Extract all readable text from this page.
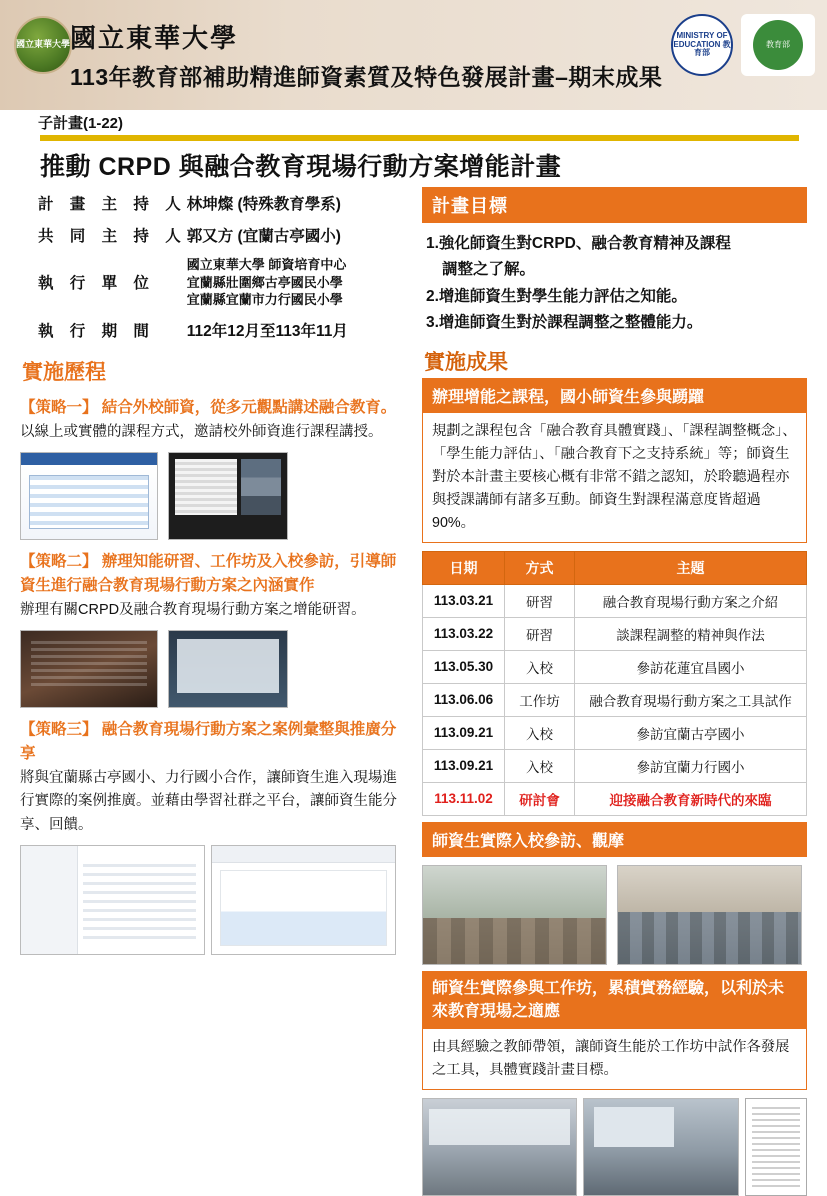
國立東華大學 國立東華大學
113年教育部補助精進師資素質及特色發展計畫–期末成果
MINISTRY OF EDUCATION 教育部
教育部
子計畫(1-22)
推動 CRPD 與融合教育現場行動方案增能計畫
計 畫 主 持 人	林坤燦 (特殊教育學系)
共 同 主 持 人	郭又方 (宜蘭古亭國小)
執 行 單 位	國立東華大學 師資培育中心
宜蘭縣壯圍鄉古亭國民小學
宜蘭縣宜蘭市力行國民小學

執 行 期 間	112年12月至113年11月
實施歷程
【策略一】 結合外校師資，從多元觀點講述融合教育。
以線上或實體的課程方式，邀請校外師資進行課程講授。
【策略二】 辦理知能研習、工作坊及入校參訪，引導師資生進行融合教育現場行動方案之內涵實作
辦理有關CRPD及融合教育現場行動方案之增能研習。
【策略三】 融合教育現場行動方案之案例彙整與推廣分享
將與宜蘭縣古亭國小、力行國小合作，讓師資生進入現場進行實際的案例推廣。並藉由學習社群之平台，讓師資生能分享、回饋。
計畫目標
1.強化師資生對CRPD、融合教育精神及課程
調整之了解。
2.增進師資生對學生能力評估之知能。
3.增進師資生對於課程調整之整體能力。
實施成果
辦理增能之課程，國小師資生參與踴躍
規劃之課程包含「融合教育具體實踐」、「課程調整概念」、「學生能力評估」、「融合教育下之支持系統」等；師資生對於本計畫主要核心概有非常不錯之認知，於聆聽過程亦與授課講師有諸多互動。師資生對課程滿意度皆超過90%。
日期	方式	主題
113.03.21	研習	融合教育現場行動方案之介紹
113.03.22	研習	談課程調整的精神與作法
113.05.30	入校	參訪花蓮宜昌國小
113.06.06	工作坊	融合教育現場行動方案之工具試作
113.09.21	入校	參訪宜蘭古亭國小
113.09.21	入校	參訪宜蘭力行國小
113.11.02	研討會	迎接融合教育新時代的來臨
師資生實際入校參訪、觀摩
師資生實際參與工作坊，累積實務經驗，以利於未來教育現場之適應
由具經驗之教師帶領，讓師資生能於工作坊中試作各發展之工具，具體實踐計畫目標。
